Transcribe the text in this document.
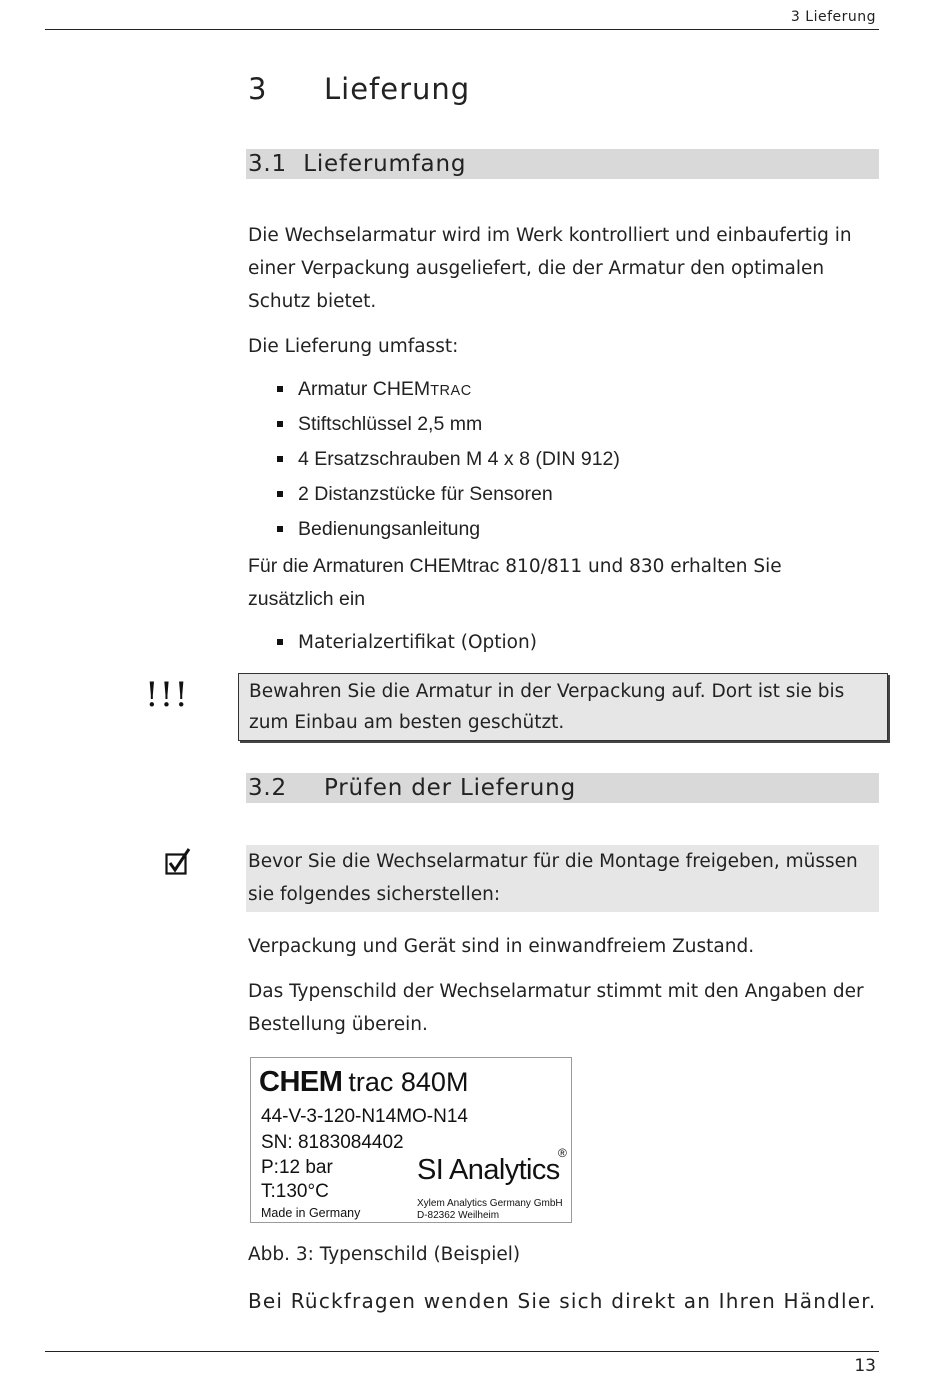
3 Lieferung
3 Lieferung
3.1 Lieferumfang
Die Wechselarmatur wird im Werk kontrolliert und einbaufertig in einer Verpackung ausgeliefert, die der Armatur den optimalen Schutz bietet.
Die Lieferung umfasst:
Armatur CHEMTRAC
Stiftschlüssel 2,5 mm
4 Ersatzschrauben M 4 x 8 (DIN 912)
2 Distanzstücke für Sensoren
Bedienungsanleitung
Für die Armaturen CHEMtrac 810/811 und 830 erhalten Sie
zusätzlich ein
Materialzertifikat (Option)
!!!	Bewahren Sie die Armatur in der Verpackung auf. Dort ist sie bis zum Einbau am besten geschützt.
3.2 Prüfen der Lieferung
Bevor Sie die Wechselarmatur für die Montage freigeben, müssen sie folgendes sicherstellen:
Verpackung und Gerät sind in einwandfreiem Zustand.
Das Typenschild der Wechselarmatur stimmt mit den Angaben der Bestellung überein.
CHEM trac 840M
44-V-3-120-N14MO-N14
SN: 8183084402
P:12 bar
T:130°C
Made in Germany
SI Analytics
®
Xylem Analytics Germany GmbH
D-82362 Weilheim
Abb. 3: Typenschild (Beispiel)
Bei Rückfragen wenden Sie sich direkt an Ihren Händler.
13
